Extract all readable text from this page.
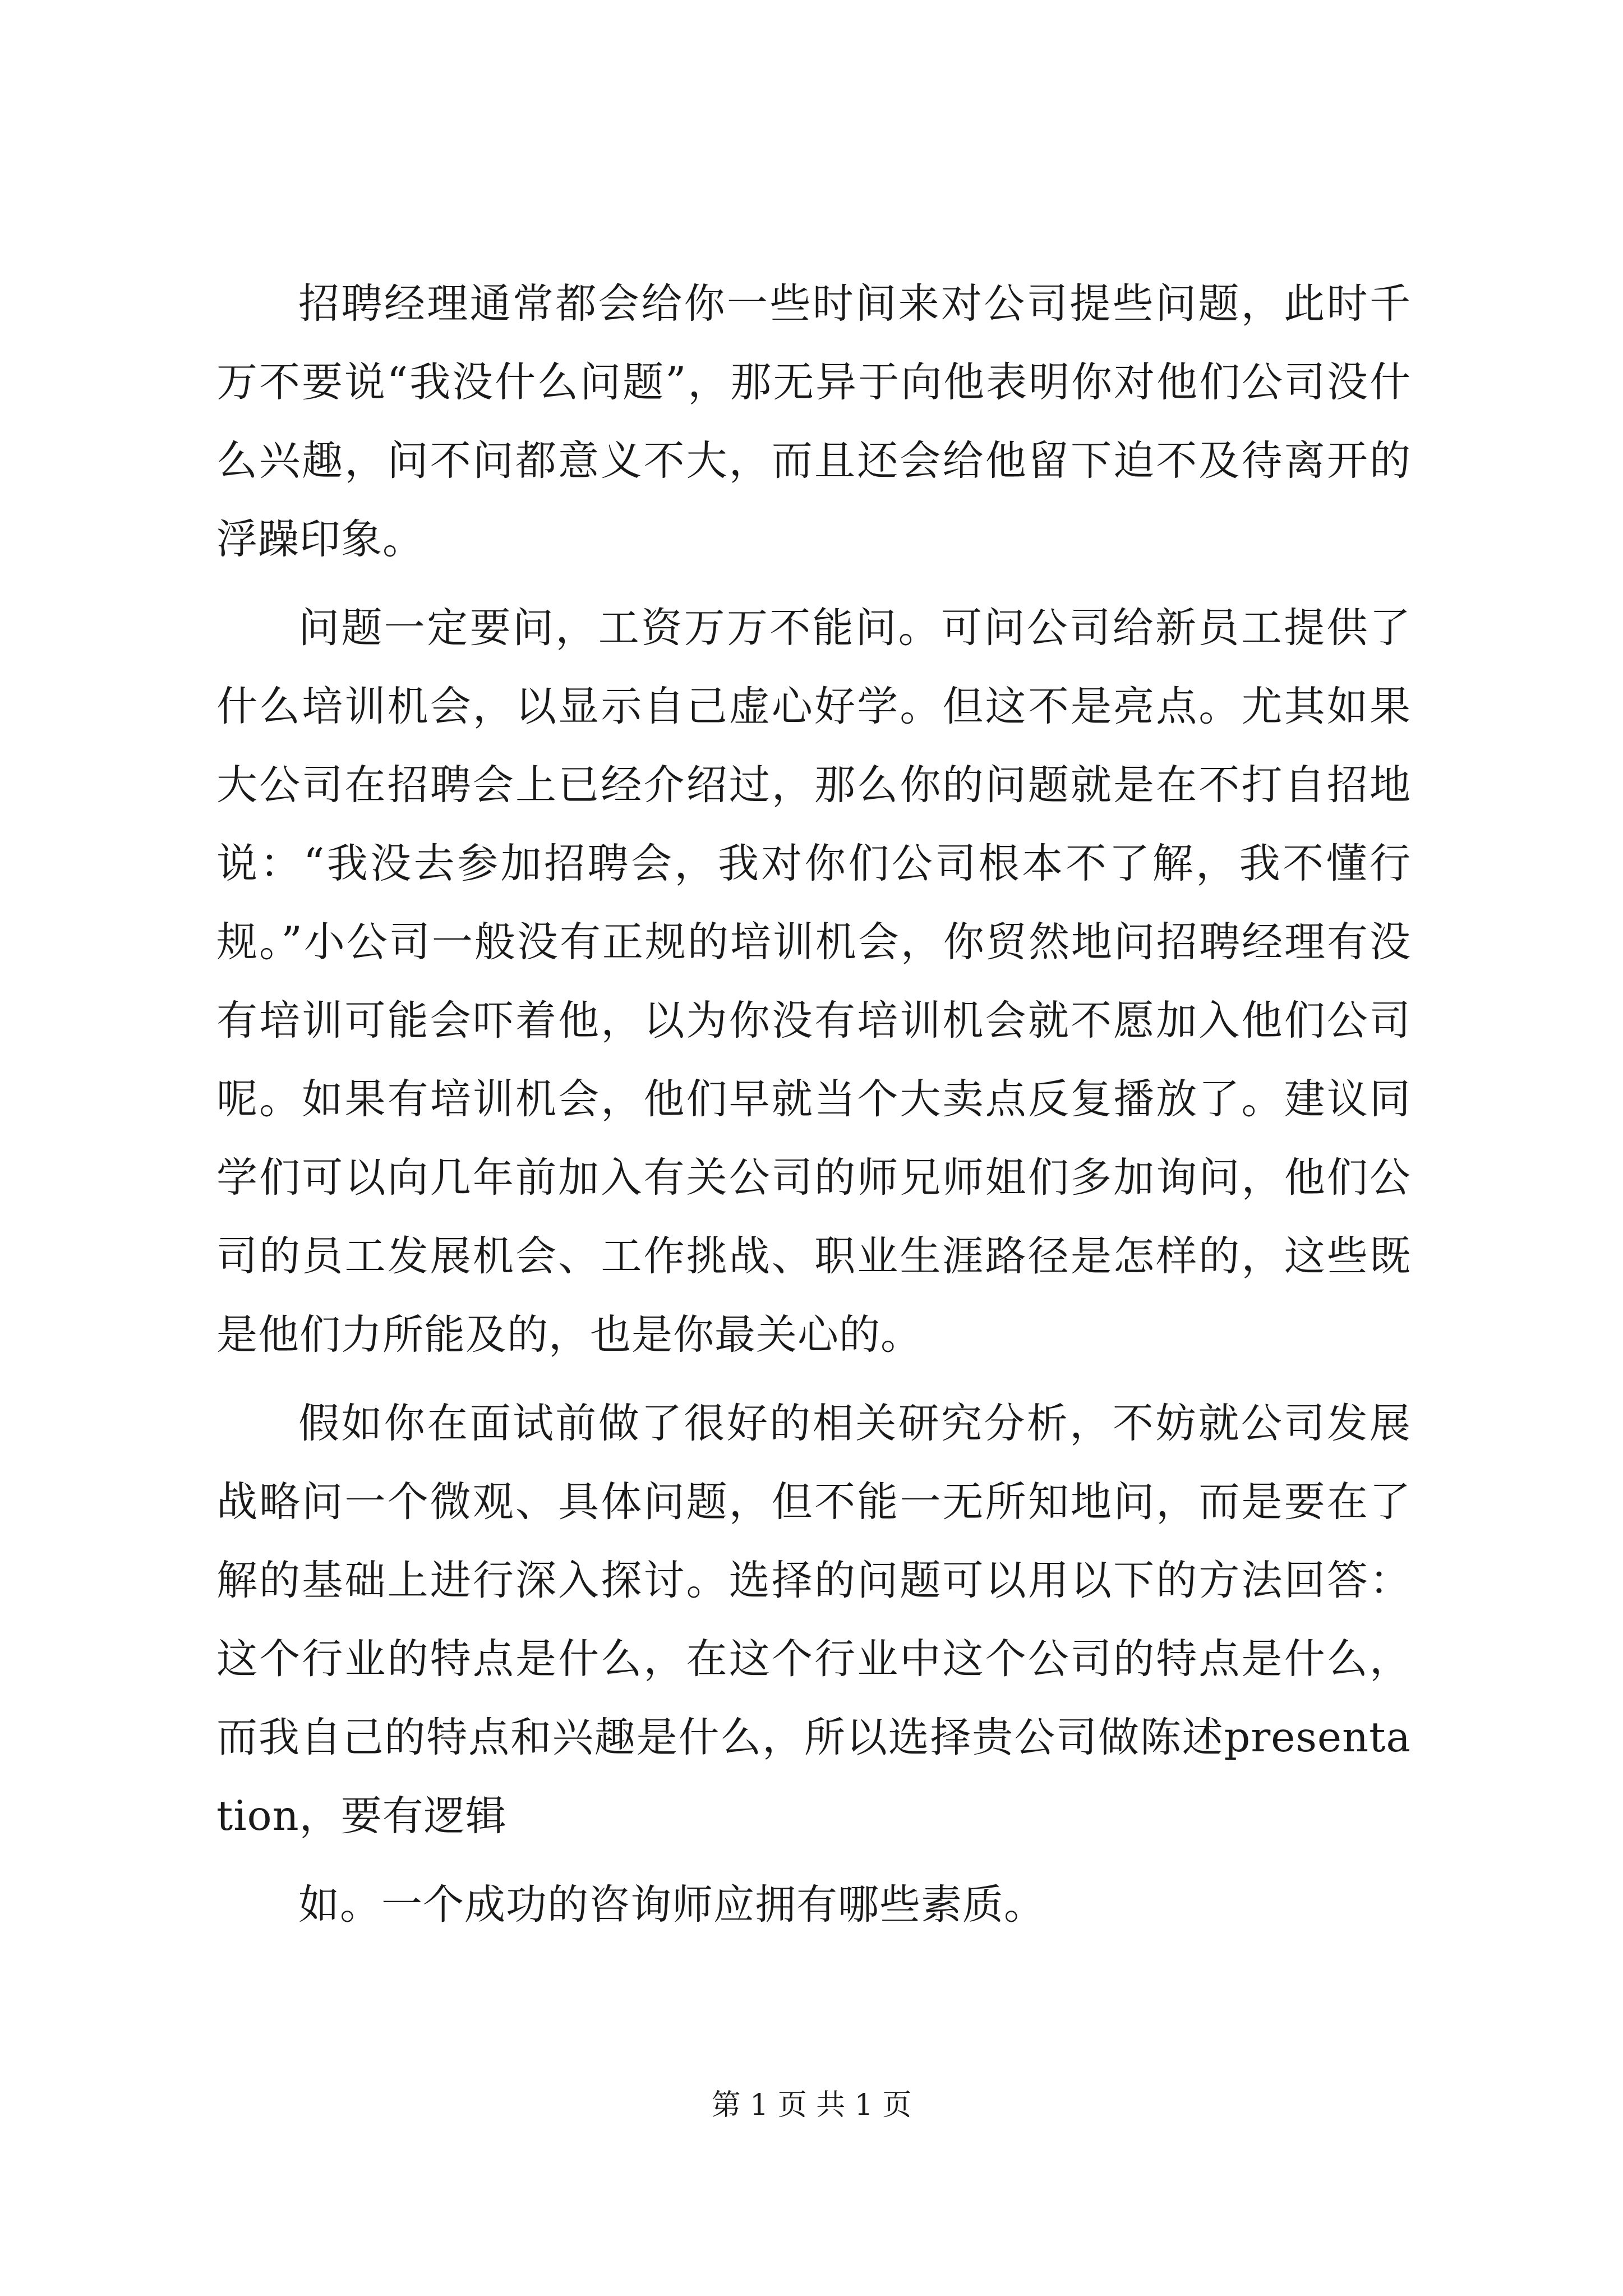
招聘经理通常都会给你一些时间来对公司提些问题，此时千万不要说“我没什么问题”，那无异于向他表明你对他们公司没什么兴趣，问不问都意义不大，而且还会给他留下迫不及待离开的浮躁印象。

问题一定要问，工资万万不能问。可问公司给新员工提供了什么培训机会，以显示自己虚心好学。但这不是亮点。尤其如果大公司在招聘会上已经介绍过，那么你的问题就是在不打自招地说：“我没去参加招聘会，我对你们公司根本不了解，我不懂行规。”小公司一般没有正规的培训机会，你贸然地问招聘经理有没有培训可能会吓着他，以为你没有培训机会就不愿加入他们公司呢。如果有培训机会，他们早就当个大卖点反复播放了。建议同学们可以向几年前加入有关公司的师兄师姐们多加询问，他们公司的员工发展机会、工作挑战、职业生涯路径是怎样的，这些既是他们力所能及的，也是你最关心的。

假如你在面试前做了很好的相关研究分析，不妨就公司发展战略问一个微观、具体问题，但不能一无所知地问，而是要在了解的基础上进行深入探讨。选择的问题可以用以下的方法回答：这个行业的特点是什么，在这个行业中这个公司的特点是什么，而我自己的特点和兴趣是什么，所以选择贵公司做陈述presentation，要有逻辑

如。一个成功的咨询师应拥有哪些素质。

第 1 页 共 1 页
